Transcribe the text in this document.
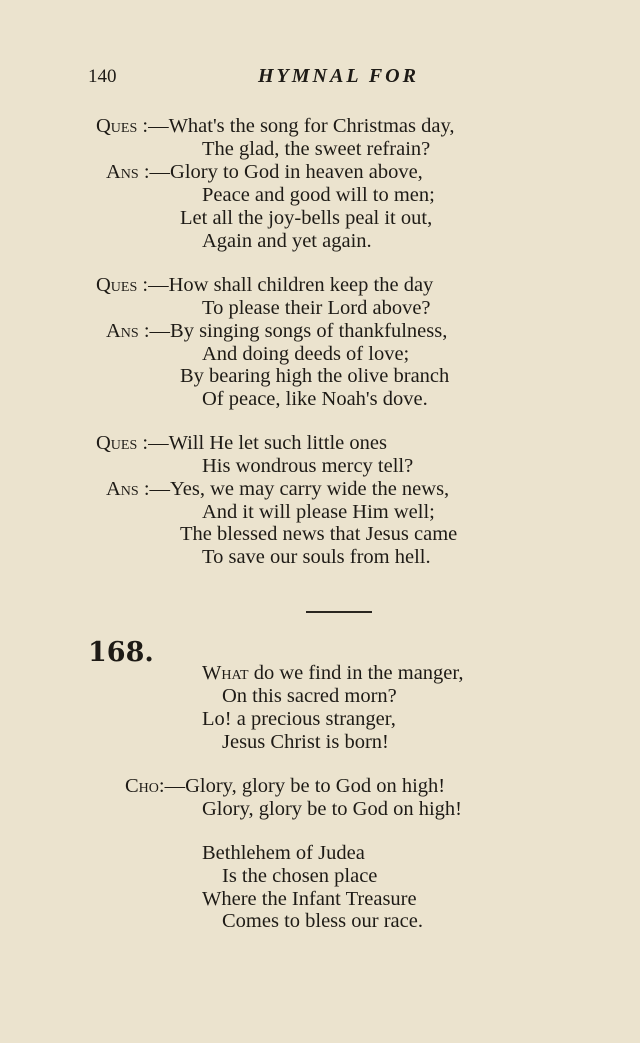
140	HYMNAL FOR
Ques :—What's the song for Christmas day,
The glad, the sweet refrain?
Ans :—Glory to God in heaven above,
Peace and good will to men;
Let all the joy-bells peal it out,
Again and yet again.
Ques :—How shall children keep the day
To please their Lord above?
Ans :—By singing songs of thankfulness,
And doing deeds of love;
By bearing high the olive branch
Of peace, like Noah's dove.
Ques :—Will He let such little ones
His wondrous mercy tell?
Ans :—Yes, we may carry wide the news,
And it will please Him well;
The blessed news that Jesus came
To save our souls from hell.
168.
What do we find in the manger,
On this sacred morn?
Lo! a precious stranger,
Jesus Christ is born!
Cho:—Glory, glory be to God on high!
Glory, glory be to God on high!
Bethlehem of Judea
Is the chosen place
Where the Infant Treasure
Comes to bless our race.
